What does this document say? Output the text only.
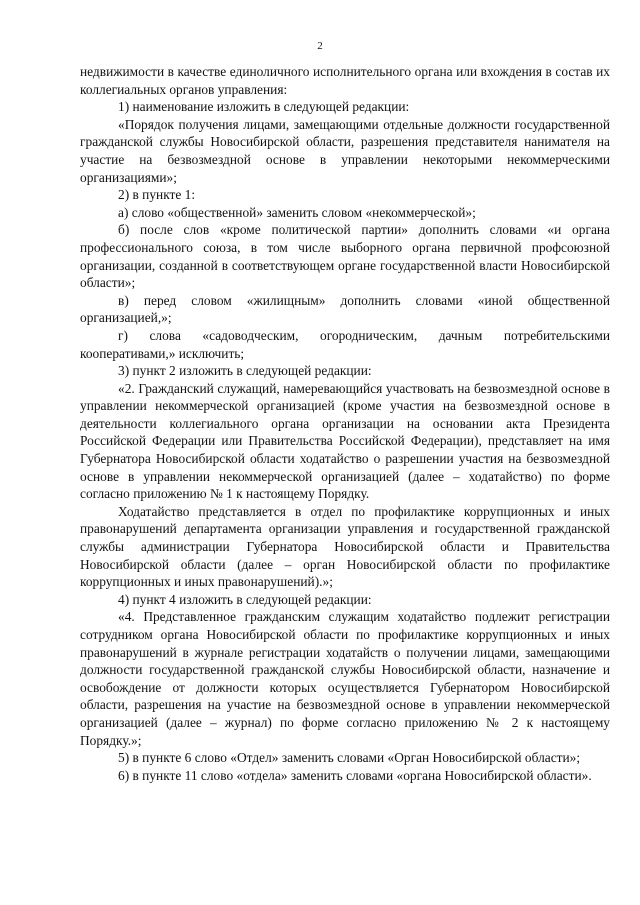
2

недвижимости в качестве единоличного исполнительного органа или вхождения в состав их коллегиальных органов управления:

1) наименование изложить в следующей редакции:

«Порядок получения лицами, замещающими отдельные должности государственной гражданской службы Новосибирской области, разрешения представителя нанимателя на участие на безвозмездной основе в управлении некоторыми некоммерческими организациями»;

2) в пункте 1:

а) слово «общественной» заменить словом «некоммерческой»;

б) после слов «кроме политической партии» дополнить словами «и органа профессионального союза, в том числе выборного органа первичной профсоюзной организации, созданной в соответствующем органе государственной власти Новосибирской области»;

в) перед словом «жилищным» дополнить словами «иной общественной организацией,»;

г) слова «садоводческим, огородническим, дачным потребительскими кооперативами,» исключить;

3) пункт 2 изложить в следующей редакции:

«2. Гражданский служащий, намеревающийся участвовать на безвозмездной основе в управлении некоммерческой организацией (кроме участия на безвозмездной основе в деятельности коллегиального органа организации на основании акта Президента Российской Федерации или Правительства Российской Федерации), представляет на имя Губернатора Новосибирской области ходатайство о разрешении участия на безвозмездной основе в управлении некоммерческой организацией (далее – ходатайство) по форме согласно приложению № 1 к настоящему Порядку.

Ходатайство представляется в отдел по профилактике коррупционных и иных правонарушений департамента организации управления и государственной гражданской службы администрации Губернатора Новосибирской области и Правительства Новосибирской области (далее – орган Новосибирской области по профилактике коррупционных и иных правонарушений).»;

4) пункт 4 изложить в следующей редакции:

«4. Представленное гражданским служащим ходатайство подлежит регистрации сотрудником органа Новосибирской области по профилактике коррупционных и иных правонарушений в журнале регистрации ходатайств о получении лицами, замещающими должности государственной гражданской службы Новосибирской области, назначение и освобождение от должности которых осуществляется Губернатором Новосибирской области, разрешения на участие на безвозмездной основе в управлении некоммерческой организацией (далее – журнал) по форме согласно приложению № 2 к настоящему Порядку.»;

5) в пункте 6 слово «Отдел» заменить словами «Орган Новосибирской области»;

6) в пункте 11 слово «отдела» заменить словами «органа Новосибирской области».
